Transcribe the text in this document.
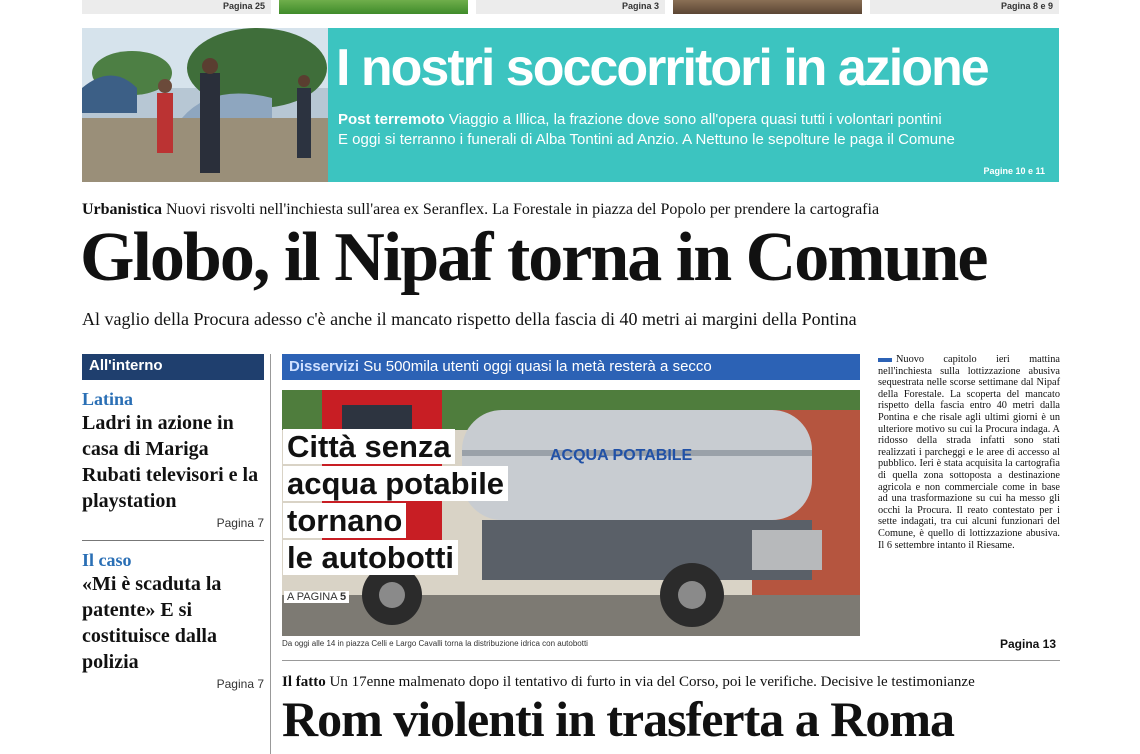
Pagina 25	Pagina 3	Pagina 8 e 9
I nostri soccorritori in azione
Post terremoto Viaggio a Illica, la frazione dove sono all'opera quasi tutti i volontari pontini
E oggi si terranno i funerali di Alba Tontini ad Anzio. A Nettuno le sepolture le paga il Comune
Pagine 10 e 11
Urbanistica Nuovi risvolti nell'inchiesta sull'area ex Seranflex. La Forestale in piazza del Popolo per prendere la cartografia
Globo, il Nipaf torna in Comune
Al vaglio della Procura adesso c'è anche il mancato rispetto della fascia di 40 metri ai margini della Pontina
All'interno
Latina
Ladri in azione in casa di Mariga Rubati televisori e la playstation
Pagina 7
Il caso
«Mi è scaduta la patente» E si costituisce dalla polizia
Pagina 7
Disservizi Su 500mila utenti oggi quasi la metà resterà a secco
ACQUA POTABILE
Città senza
acqua potabile
tornano
le autobotti
A PAGINA 5
Da oggi alle 14 in piazza Celli e Largo Cavalli torna la distribuzione idrica con autobotti
Nuovo capitolo ieri mattina nell'inchiesta sulla lottizzazione abusiva sequestrata nelle scorse settimane dal Nipaf della Forestale. La scoperta del mancato rispetto della fascia entro 40 metri dalla Pontina e che risale agli ultimi giorni è un ulteriore motivo su cui la Procura indaga. A ridosso della strada infatti sono stati realizzati i parcheggi e le aree di accesso al pubblico. Ieri è stata acquisita la cartografia di quella zona sottoposta a destinazione agricola e non commerciale come in base ad una trasformazione su cui ha messo gli occhi la Procura. Il reato contestato per i sette indagati, tra cui alcuni funzionari del Comune, è quello di lottizzazione abusiva. Il 6 settembre intanto il Riesame.
Pagina 13
Il fatto Un 17enne malmenato dopo il tentativo di furto in via del Corso, poi le verifiche. Decisive le testimonianze
Rom violenti in trasferta a Roma
